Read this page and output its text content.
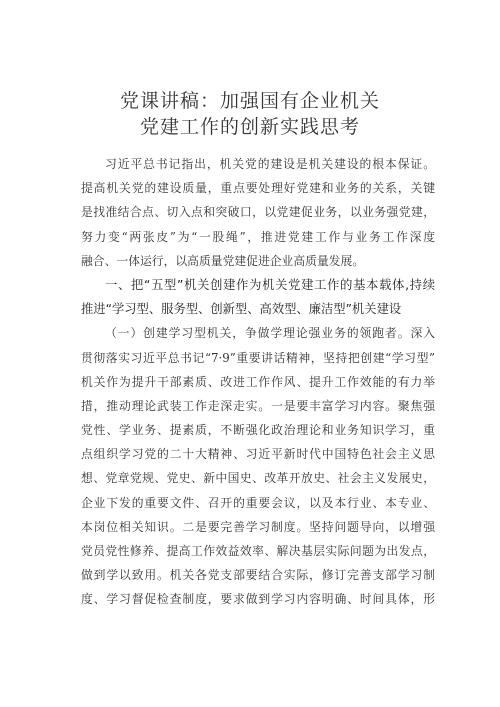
党课讲稿：加强国有企业机关
党建工作的创新实践思考
习近平总书记指出，机关党的建设是机关建设的根本保证。
提高机关党的建设质量，重点要处理好党建和业务的关系，关键
是找准结合点、切入点和突破口，以党建促业务，以业务强党建，
努力变“两张皮”为“一股绳”，推进党建工作与业务工作深度
融合、一体运行，以高质量党建促进企业高质量发展。
一、把“五型”机关创建作为机关党建工作的基本载体,持续
推进“学习型、服务型、创新型、高效型、廉洁型”机关建设
（一）创建学习型机关，争做学理论强业务的领跑者。深入
贯彻落实习近平总书记“7·9”重要讲话精神，坚持把创建“学习型”
机关作为提升干部素质、改进工作作风、提升工作效能的有力举
措，推动理论武装工作走深走实。一是要丰富学习内容。聚焦强
党性、学业务、提素质，不断强化政治理论和业务知识学习，重
点组织学习党的二十大精神、习近平新时代中国特色社会主义思
想、党章党规、党史、新中国史、改革开放史、社会主义发展史，
企业下发的重要文件、召开的重要会议，以及本行业、本专业、
本岗位相关知识。二是要完善学习制度。坚持问题导向，以增强
党员党性修养、提高工作效益效率、解决基层实际问题为出发点，
做到学以致用。机关各党支部要结合实际，修订完善支部学习制
度、学习督促检查制度，要求做到学习内容明确、时间具体，形
